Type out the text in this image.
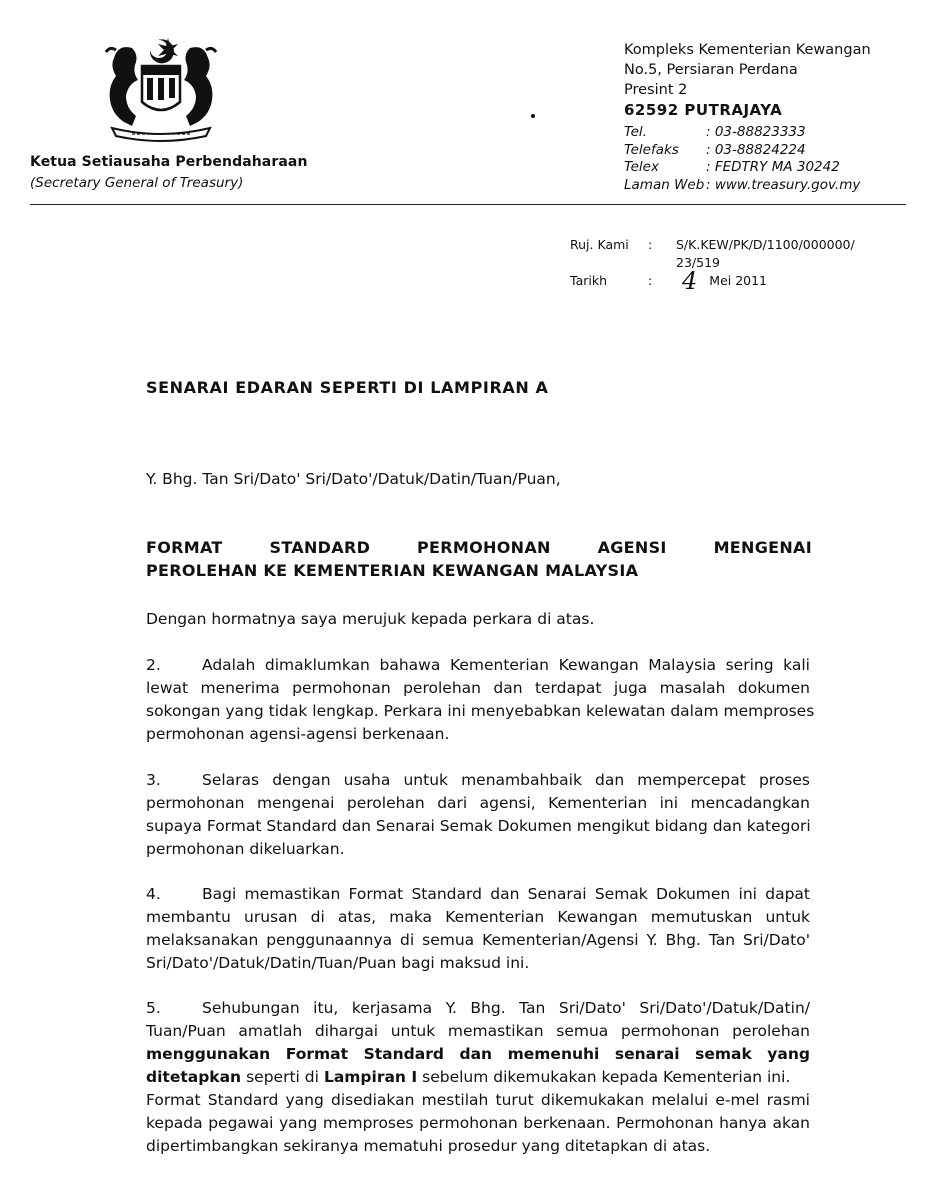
Ketua Setiausaha Perbendaharaan
(Secretary General of Treasury)
Kompleks Kementerian Kewangan
No.5, Persiaran Perdana
Presint 2
62592 PUTRAJAYA
Tel.	: 03-88823333
Telefaks	: 03-88824224
Telex	: FEDTRY MA 30242
Laman Web : www.treasury.gov.my
Ruj. Kami	:	S/K.KEW/PK/D/1100/000000/
23/519
Tarikh	:	4 Mei 2011
SENARAI EDARAN SEPERTI DI LAMPIRAN A
Y. Bhg. Tan Sri/Dato' Sri/Dato'/Datuk/Datin/Tuan/Puan,
FORMAT	STANDARD	PERMOHONAN	AGENSI	MENGENAI
PEROLEHAN KE KEMENTERIAN KEWANGAN MALAYSIA
Dengan hormatnya saya merujuk kepada perkara di atas.
2.	Adalah dimaklumkan bahawa Kementerian Kewangan Malaysia sering kali
lewat menerima permohonan perolehan dan terdapat juga masalah dokumen
sokongan yang tidak lengkap. Perkara ini menyebabkan kelewatan dalam memproses
permohonan agensi-agensi berkenaan.
3.	Selaras dengan usaha untuk menambahbaik dan mempercepat proses
permohonan mengenai perolehan dari agensi, Kementerian ini mencadangkan
supaya Format Standard dan Senarai Semak Dokumen mengikut bidang dan kategori
permohonan dikeluarkan.
4.	Bagi memastikan Format Standard dan Senarai Semak Dokumen ini dapat
membantu urusan di atas, maka Kementerian Kewangan memutuskan untuk
melaksanakan penggunaannya di semua Kementerian/Agensi Y. Bhg. Tan Sri/Dato'
Sri/Dato'/Datuk/Datin/Tuan/Puan bagi maksud ini.
5.	Sehubungan itu, kerjasama Y. Bhg. Tan Sri/Dato' Sri/Dato'/Datuk/Datin/
Tuan/Puan amatlah dihargai untuk memastikan semua permohonan perolehan
menggunakan Format Standard dan memenuhi senarai semak yang
ditetapkan seperti di Lampiran I sebelum dikemukakan kepada Kementerian ini.
Format Standard yang disediakan mestilah turut dikemukakan melalui e-mel rasmi
kepada pegawai yang memproses permohonan berkenaan. Permohonan hanya akan
dipertimbangkan sekiranya mematuhi prosedur yang ditetapkan di atas.
